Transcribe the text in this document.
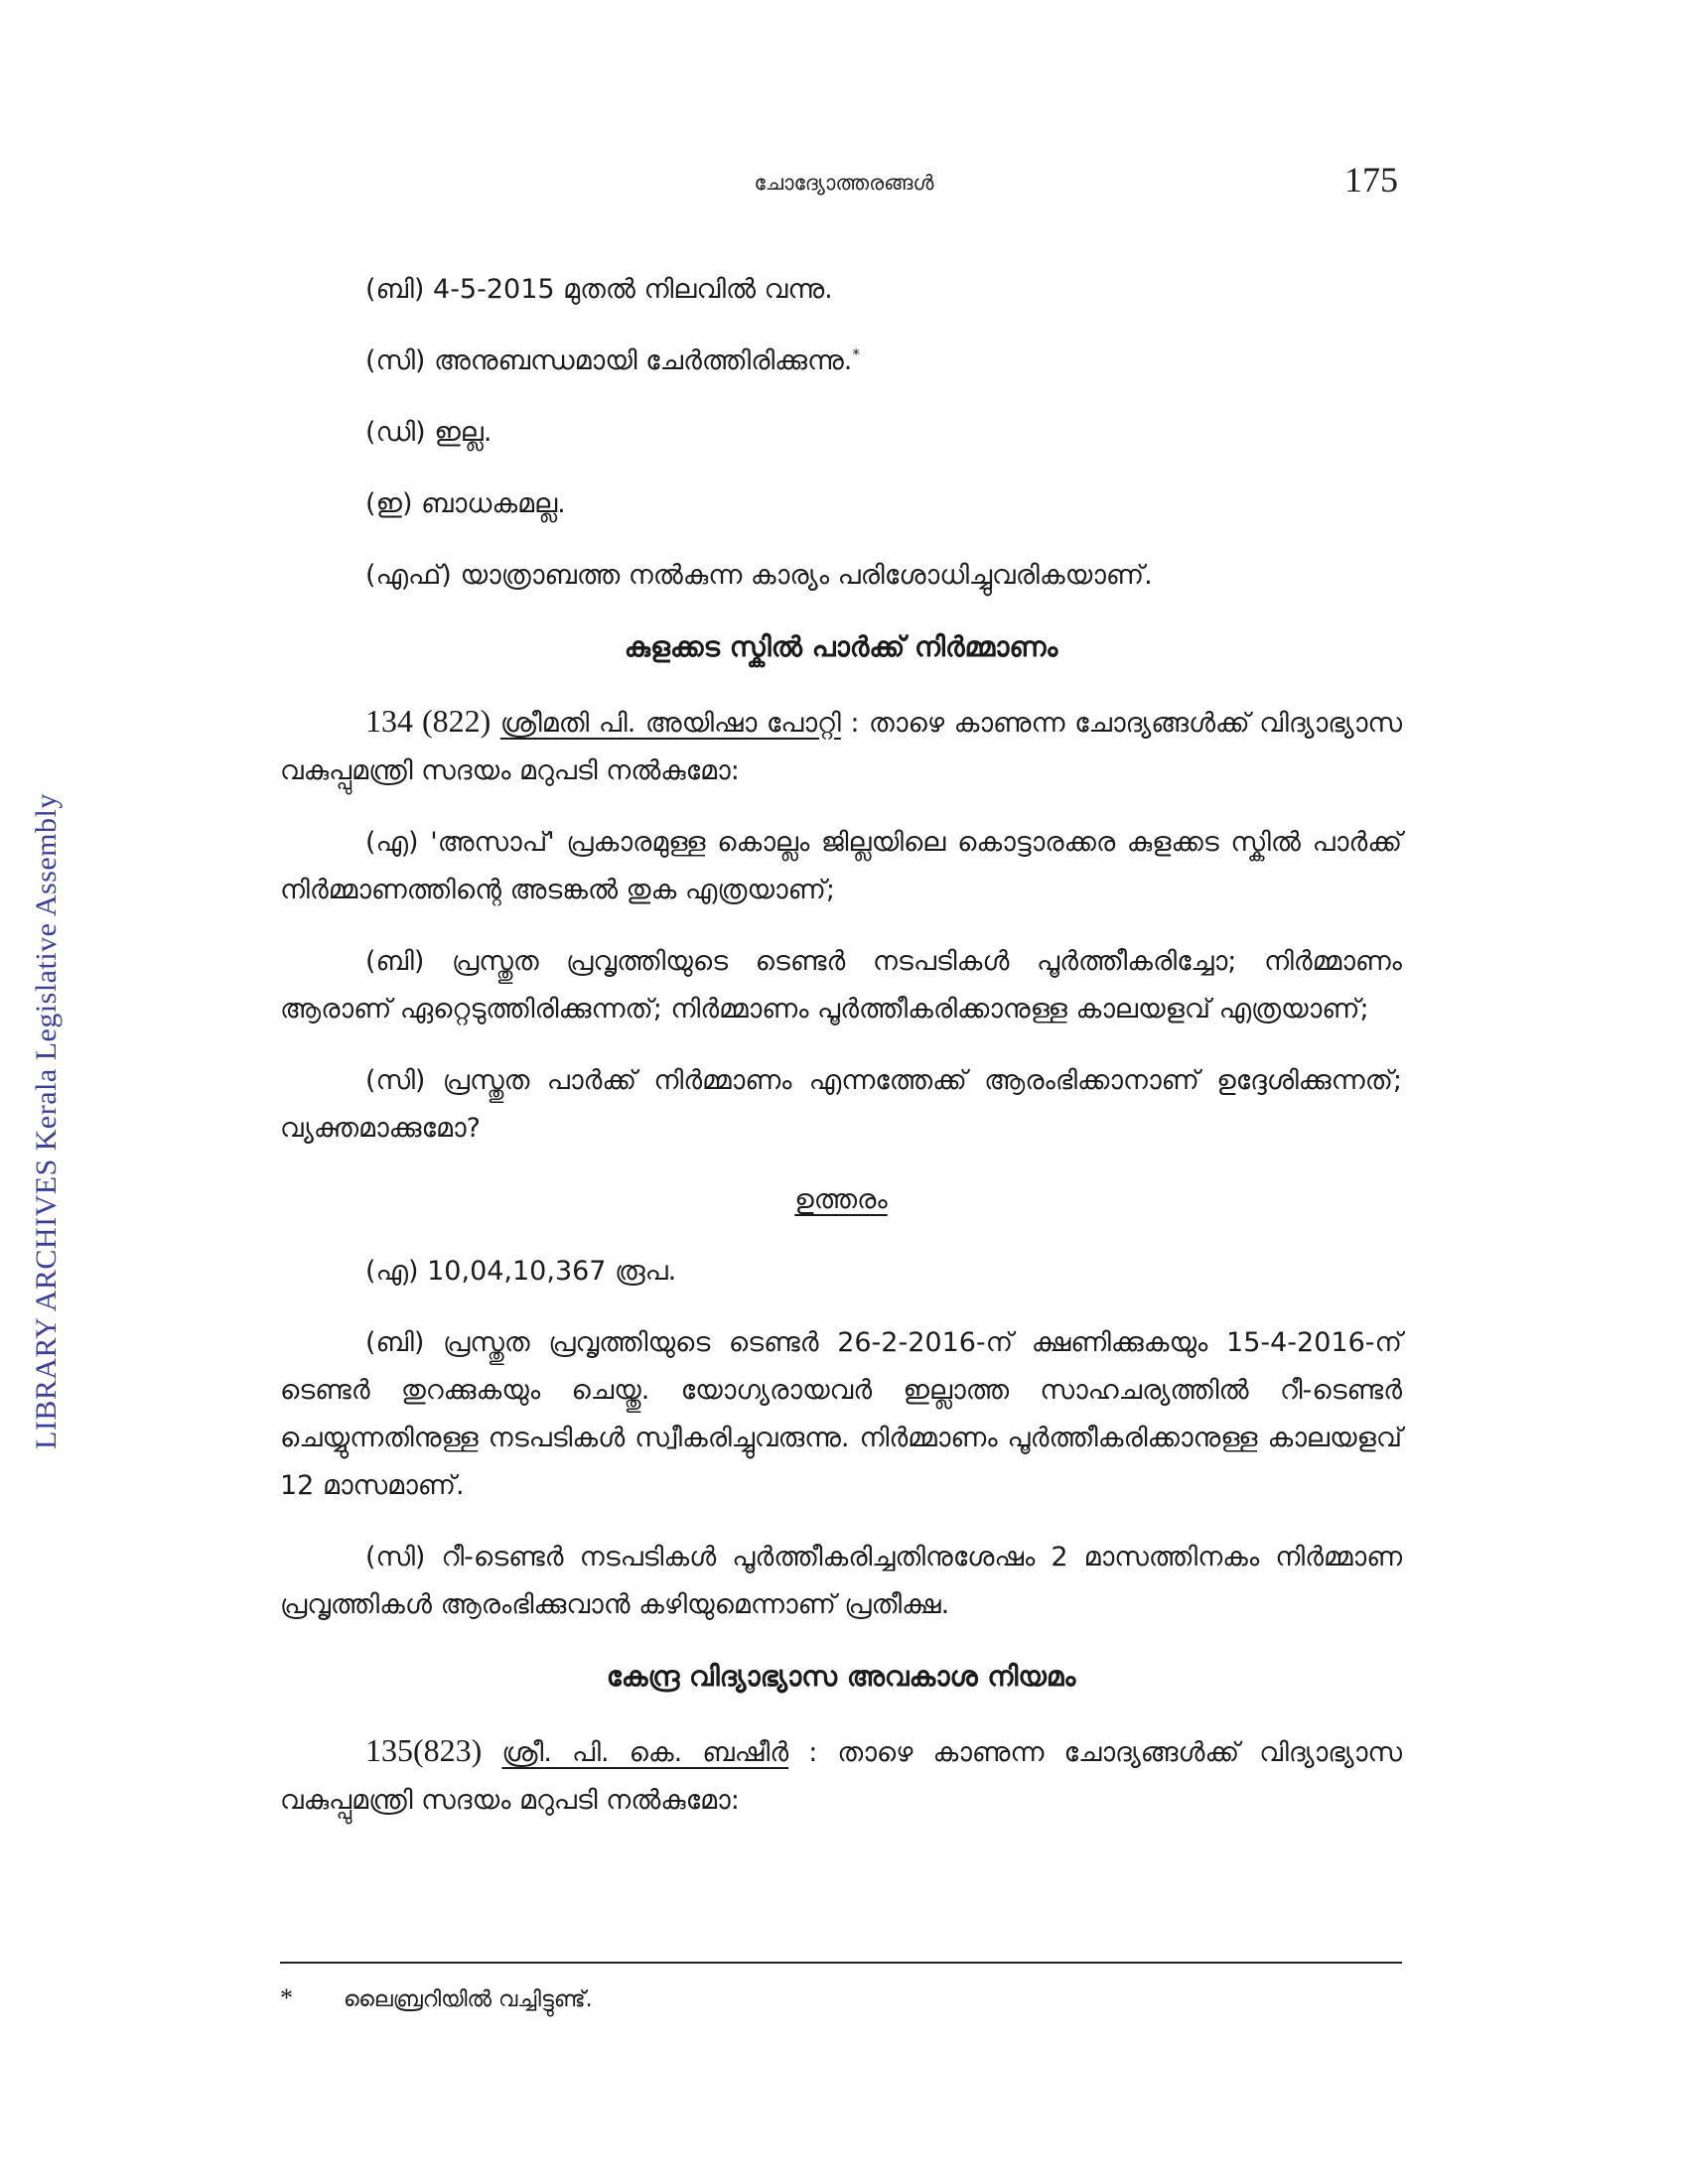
LIBRARY ARCHIVES Kerala Legislative Assembly
ചോദ്യോത്തരങ്ങൾ	175

(ബി) 4-5-2015 മുതൽ നിലവിൽ വന്നു.

(സി) അനുബന്ധമായി ചേർത്തിരിക്കുന്നു.*

(ഡി) ഇല്ല.

(ഇ) ബാധകമല്ല.

(എഫ്) യാത്രാബത്ത നൽകുന്ന കാര്യം പരിശോധിച്ചുവരികയാണ്.

കുളക്കട സ്കിൽ പാർക്ക് നിർമ്മാണം

134 (822) ശ്രീമതി പി. അയിഷാ പോറ്റി : താഴെ കാണുന്ന ചോദ്യങ്ങൾക്ക് വിദ്യാഭ്യാസ വകുപ്പുമന്ത്രി സദയം മറുപടി നൽകുമോ:

(എ) 'അസാപ്' പ്രകാരമുള്ള കൊല്ലം ജില്ലയിലെ കൊട്ടാരക്കര കുളക്കട സ്കിൽ പാർക്ക് നിർമ്മാണത്തിന്റെ അടങ്കൽ തുക എത്രയാണ്;

(ബി) പ്രസ്തുത പ്രവൃത്തിയുടെ ടെണ്ടർ നടപടികൾ പൂർത്തീകരിച്ചോ; നിർമ്മാണം ആരാണ് ഏറ്റെടുത്തിരിക്കുന്നത്; നിർമ്മാണം പൂർത്തീകരിക്കാനുള്ള കാലയളവ് എത്രയാണ്;

(സി) പ്രസ്തുത പാർക്ക് നിർമ്മാണം എന്നത്തേക്ക് ആരംഭിക്കാനാണ് ഉദ്ദേശിക്കുന്നത്; വ്യക്തമാക്കുമോ?

ഉത്തരം

(എ) 10,04,10,367 രൂപ.

(ബി) പ്രസ്തുത പ്രവൃത്തിയുടെ ടെണ്ടർ 26-2-2016-ന് ക്ഷണിക്കുകയും 15-4-2016-ന് ടെണ്ടർ തുറക്കുകയും ചെയ്തു. യോഗ്യരായവർ ഇല്ലാത്ത സാഹചര്യത്തിൽ റീ-ടെണ്ടർ ചെയ്യുന്നതിനുള്ള നടപടികൾ സ്വീകരിച്ചുവരുന്നു. നിർമ്മാണം പൂർത്തീകരിക്കാനുള്ള കാലയളവ് 12 മാസമാണ്.

(സി) റീ-ടെണ്ടർ നടപടികൾ പൂർത്തീകരിച്ചതിനുശേഷം 2 മാസത്തിനകം നിർമ്മാണ പ്രവൃത്തികൾ ആരംഭിക്കുവാൻ കഴിയുമെന്നാണ് പ്രതീക്ഷ.

കേന്ദ്ര വിദ്യാഭ്യാസ അവകാശ നിയമം

135(823) ശ്രീ. പി. കെ. ബഷീർ : താഴെ കാണുന്ന ചോദ്യങ്ങൾക്ക് വിദ്യാഭ്യാസ വകുപ്പുമന്ത്രി സദയം മറുപടി നൽകുമോ:

* ലൈബ്രറിയിൽ വച്ചിട്ടുണ്ട്.
